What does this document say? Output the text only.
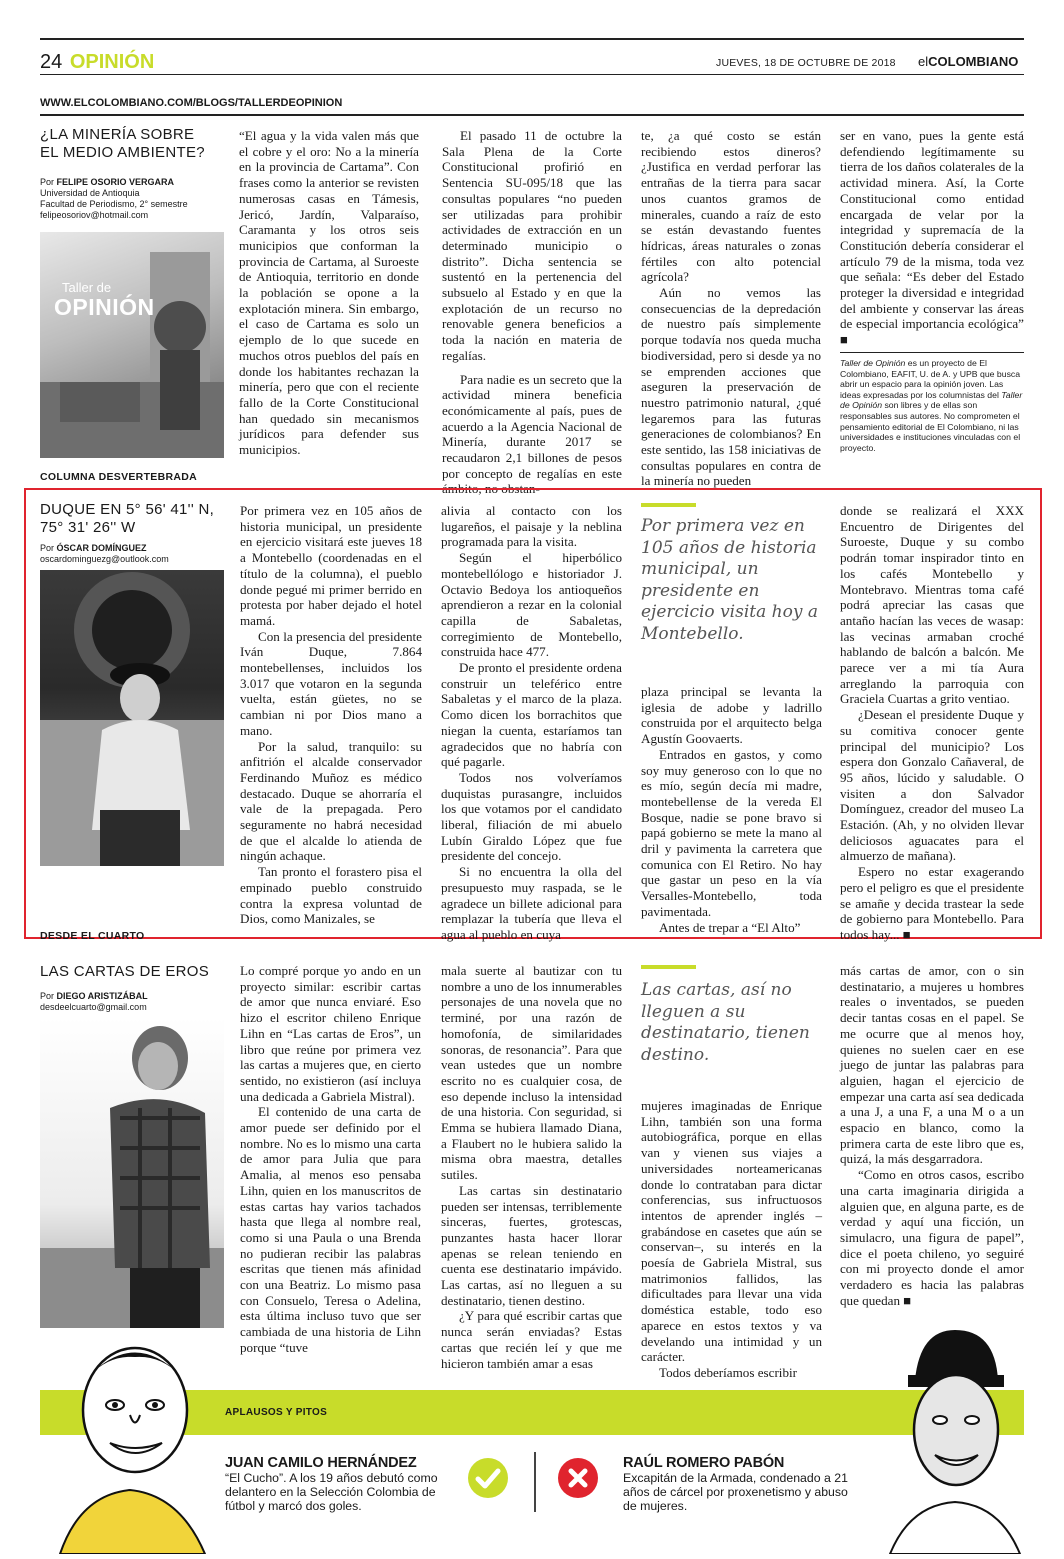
24 OPINIÓN	JUEVES, 18 DE OCTUBRE DE 2018 elCOLOMBIANO
WWW.ELCOLOMBIANO.COM/BLOGS/TALLERDEOPINION
¿LA MINERÍA SOBRE
EL MEDIO AMBIENTE?
Por FELIPE OSORIO VERGARA
Universidad de Antioquia
Facultad de Periodismo, 2° semestre
felipeosoriov@hotmail.com
Taller de
OPINIÓN

“El agua y la vida valen más que el cobre y el oro: No a la minería en la provincia de Cartama”. Con frases como la anterior se revisten numerosas casas en Támesis, Jericó, Jardín, Valparaíso, Caramanta y los otros seis municipios que conforman la provincia de Cartama, al Suroeste de Antioquia, territorio en donde la población se opone a la explotación minera. Sin embargo, el caso de Cartama es solo un ejemplo de lo que sucede en muchos otros pueblos del país en donde los habitantes rechazan la minería, pero que con el reciente fallo de la Corte Constitucional han quedado sin mecanismos jurídicos para defender sus municipios.

El pasado 11 de octubre la Sala Plena de la Corte Constitucional profirió en Sentencia SU-095/18 que las consultas populares “no pueden ser utilizadas para prohibir actividades de extracción en un determinado municipio o distrito”. Dicha sentencia se sustentó en la pertenencia del subsuelo al Estado y en que la explotación de un recurso no renovable genera beneficios a toda la nación en materia de regalías.

Para nadie es un secreto que la actividad minera beneficia económicamente al país, pues de acuerdo a la Agencia Nacional de Minería, durante 2017 se recaudaron 2,1 billones de pesos por concepto de regalías en este ámbito, no obstan-

te, ¿a qué costo se están recibiendo estos dineros? ¿Justifica en verdad perforar las entrañas de la tierra para sacar unos cuantos gramos de minerales, cuando a raíz de esto se están devastando fuentes hídricas, áreas naturales o zonas fértiles con alto potencial agrícola?

Aún no vemos las consecuencias de la depredación de nuestro país simplemente porque todavía nos queda mucha biodiversidad, pero si desde ya no se emprenden acciones que aseguren la preservación de nuestro patrimonio natural, ¿qué legaremos para las futuras generaciones de colombianos? En este sentido, las 158 iniciativas de consultas populares en contra de la minería no pueden

ser en vano, pues la gente está defendiendo legítimamente su tierra de los daños colaterales de la actividad minera. Así, la Corte Constitucional como entidad encargada de velar por la integridad y supremacía de la Constitución debería considerar el artículo 79 de la misma, toda vez que señala: “Es deber del Estado proteger la diversidad e integridad del ambiente y conservar las áreas de especial importancia ecológica” ■

Taller de Opinión es un proyecto de El Colombiano, EAFIT, U. de A. y UPB que busca abrir un espacio para la opinión joven. Las ideas expresadas por los columnistas del Taller de Opinión son libres y de ellas son responsables sus autores. No comprometen el pensamiento editorial de El Colombiano, ni las universidades e instituciones vinculadas con el proyecto.
COLUMNA DESVERTEBRADA
DUQUE EN 5° 56' 41'' N,
75° 31' 26'' W
Por ÓSCAR DOMÍNGUEZ
oscardominguezg@outlook.com

Por primera vez en 105 años de historia municipal, un presidente en ejercicio visitará este jueves 18 a Montebello (coordenadas en el título de la columna), el pueblo donde pegué mi primer berrido en protesta por haber dejado el hotel mamá.

Con la presencia del presidente Iván Duque, 7.864 montebellenses, incluidos los 3.017 que votaron en la segunda vuelta, están güetes, no se cambian ni por Dios mano a mano.

Por la salud, tranquilo: su anfitrión el alcalde conservador Ferdinando Muñoz es médico destacado. Duque se ahorraría el vale de la prepagada. Pero seguramente no habrá necesidad de que el alcalde lo atienda de ningún achaque.

Tan pronto el forastero pisa el empinado pueblo construido contra la expresa voluntad de Dios, como Manizales, se

alivia al contacto con los lugareños, el paisaje y la neblina programada para la visita.

Según el hiperbólico montebellólogo e historiador J. Octavio Bedoya los antioqueños aprendieron a rezar en la colonial capilla de Sabaletas, corregimiento de Montebello, construida hace 477.

De pronto el presidente ordena construir un teleférico entre Sabaletas y el marco de la plaza. Como dicen los borrachitos que niegan la cuenta, estaríamos tan agradecidos que no habría con qué pagarle.

Todos nos volveríamos duquistas purasangre, incluidos los que votamos por el candidato liberal, filiación de mi abuelo Lubín Giraldo López que fue presidente del concejo.

Si no encuentra la olla del presupuesto muy raspada, se le agradece un billete adicional para remplazar la tubería que lleva el agua al pueblo en cuya

Por primera vez en 105 años de historia municipal, un presidente en ejercicio visita hoy a Montebello.

plaza principal se levanta la iglesia de adobe y ladrillo construida por el arquitecto belga Agustín Goovaerts.

Entrados en gastos, y como soy muy generoso con lo que no es mío, según decía mi madre, montebellense de la vereda El Bosque, nadie se pone bravo si papá gobierno se mete la mano al dril y pavimenta la carretera que comunica con El Retiro. No hay que gastar un peso en la vía Versalles-Montebello, toda pavimentada.

Antes de trepar a “El Alto”

donde se realizará el XXX Encuentro de Dirigentes del Suroeste, Duque y su combo podrán tomar inspirador tinto en los cafés Montebello y Montebravo. Mientras toma café podrá apreciar las casas que antaño hacían las veces de wasap: las vecinas armaban croché hablando de balcón a balcón. Me parece ver a mi tía Aura arreglando la parroquia con Graciela Cuartas a grito ventiao.

¿Desean el presidente Duque y su comitiva conocer gente principal del municipio? Los espera don Gonzalo Cañaveral, de 95 años, lúcido y saludable. O visiten a don Salvador Domínguez, creador del museo La Estación. (Ah, y no olviden llevar deliciosos aguacates para el almuerzo de mañana).

Espero no estar exagerando pero el peligro es que el presidente se amañe y decida trastear la sede de gobierno para Montebello. Para todos hay... ■

DESDE EL CUARTO
LAS CARTAS DE EROS
Por DIEGO ARISTIZÁBAL
desdeelcuarto@gmail.com

Lo compré porque yo ando en un proyecto similar: escribir cartas de amor que nunca enviaré. Eso hizo el escritor chileno Enrique Lihn en “Las cartas de Eros”, un libro que reúne por primera vez las cartas a mujeres que, en cierto sentido, no existieron (así incluya una dedicada a Gabriela Mistral).

El contenido de una carta de amor puede ser definido por el nombre. No es lo mismo una carta de amor para Julia que para Amalia, al menos eso pensaba Lihn, quien en los manuscritos de estas cartas hay varios tachados hasta que llega al nombre real, como si una Paula o una Brenda no pudieran recibir las palabras escritas que tienen más afinidad con una Beatriz. Lo mismo pasa con Consuelo, Teresa o Adelina, esta última incluso tuvo que ser cambiada de una historia de Lihn porque “tuve

mala suerte al bautizar con tu nombre a uno de los innumerables personajes de una novela que no terminé, por una razón de homofonía, de similaridades sonoras, de resonancia”. Para que vean ustedes que un nombre escrito no es cualquier cosa, de eso depende incluso la intensidad de una historia. Con seguridad, si Emma se hubiera llamado Diana, a Flaubert no le hubiera salido la misma obra maestra, detalles sutiles.

Las cartas sin destinatario pueden ser intensas, terriblemente sinceras, fuertes, grotescas, punzantes hasta hacer llorar apenas se relean teniendo en cuenta ese destinatario impávido. Las cartas, así no lleguen a su destinatario, tienen destino.

¿Y para qué escribir cartas que nunca serán enviadas? Estas cartas que recién leí y que me hicieron también amar a esas

Las cartas, así no lleguen a su destinatario, tienen destino.

mujeres imaginadas de Enrique Lihn, también son una forma autobiográfica, porque en ellas van y vienen sus viajes a universidades norteamericanas donde lo contrataban para dictar conferencias, sus infructuosos intentos de aprender inglés –grabándose en casetes que aún se conservan–, su interés en la poesía de Gabriela Mistral, sus matrimonios fallidos, las dificultades para llevar una vida doméstica estable, todo eso aparece en estos textos y va develando una intimidad y un carácter.

Todos deberíamos escribir

más cartas de amor, con o sin destinatario, a mujeres u hombres reales o inventados, se pueden decir tantas cosas en el papel. Se me ocurre que al menos hoy, quienes no suelen caer en ese juego de juntar las palabras para alguien, hagan el ejercicio de empezar una carta así sea dedicada a una J, a una F, a una M o a un espacio en blanco, como la primera carta de este libro que es, quizá, la más desgarradora.

“Como en otros casos, escribo una carta imaginaria dirigida a alguien que, en alguna parte, es de verdad y aquí una ficción, un simulacro, una figura de papel”, dice el poeta chileno, yo seguiré con mi proyecto donde el amor verdadero es hacia las palabras que quedan ■

APLAUSOS Y PITOS
JUAN CAMILO HERNÁNDEZ
“El Cucho”. A los 19 años debutó como delantero en la Selección Colombia de fútbol y marcó dos goles.
RAÚL ROMERO PABÓN
Excapitán de la Armada, condenado a 21 años de cárcel por proxenetismo y abuso de mujeres.
